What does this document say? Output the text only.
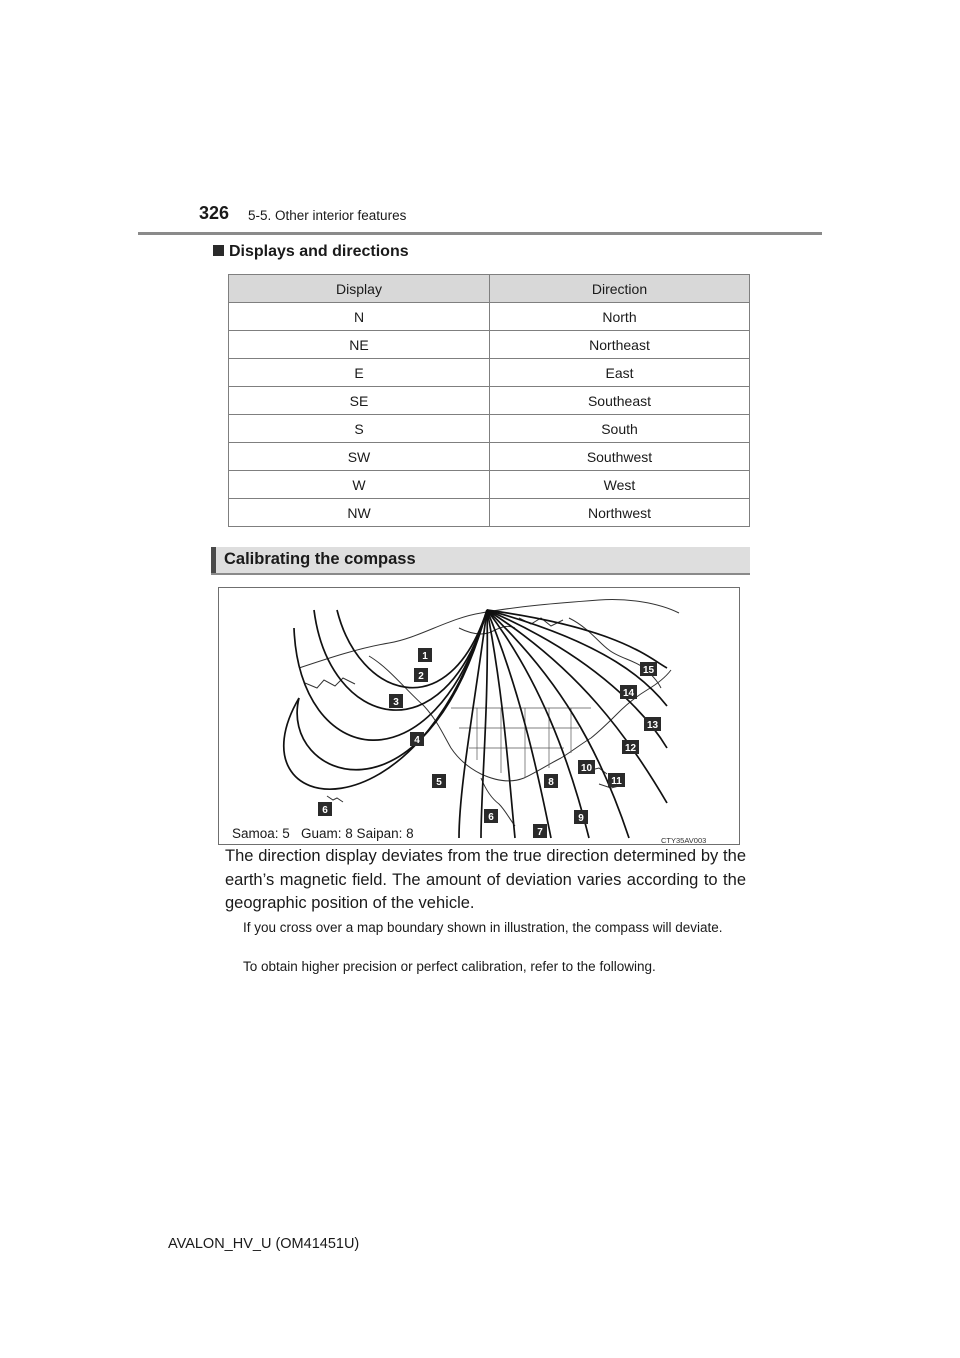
326 5-5. Other interior features
Displays and directions
Display	Direction
N	North
NE	Northeast
E	East
SE	Southeast
S	South
SW	Southwest
W	West
NW	Northwest
Calibrating the compass
1
2
3
4
5
6
6
7
8
9
10
11
12
13
14
15
Samoa: 5   Guam: 8 Saipan: 8	CTY35AV003

The direction display deviates from the true direction determined by the earth’s magnetic field. The amount of deviation varies according to the geographic position of the vehicle.

If you cross over a map boundary shown in illustration, the compass will deviate.

To obtain higher precision or perfect calibration, refer to the following.

AVALON_HV_U (OM41451U)
